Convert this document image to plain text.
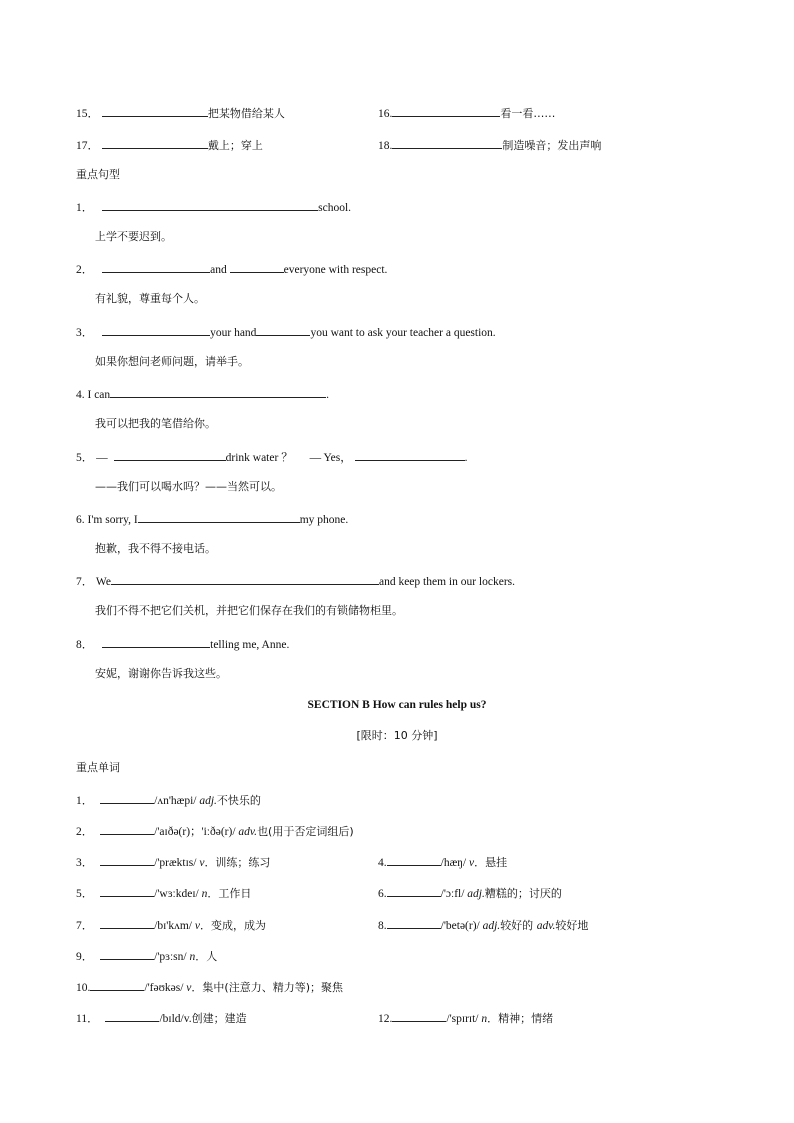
15．	把某物借给某人	16.	看一看……
17．	戴上；穿上	18.	制造噪音；发出声响
重点句型
1．	school.
上学不要迟到。
2．	and	everyone with respect.
有礼貌，尊重每个人。
3．	your hand	you want to ask your teacher a question.
如果你想问老师问题，请举手。
4. I can	.
我可以把我的笔借给你。
5． —	drink water ？ — Yes，	.
——我们可以喝水吗？——当然可以。
6. I'm sorry, I	my phone.
抱歉，我不得不接电话。
7． We	and keep them in our lockers.
我们不得不把它们关机，并把它们保存在我们的有锁储物柜里。
8．	telling me, Anne.
安妮，谢谢你告诉我这些。
SECTION B How can rules help us?
[限时：10 分钟]
重点单词
1．	/ʌn'hæpi/ adj.不快乐的
2．	/'aɪðə(r)；'iːðə(r)/ adv.也(用于否定词组后)
3．	/'præktɪs/ v．训练；练习	4.	/hæŋ/ v．悬挂
5．	/'wɜːkdeɪ/ n．工作日	6.	/'ɔːfl/ adj.糟糕的；讨厌的
7．	/bɪ'kʌm/ v．变成，成为	8.	/'betə(r)/ adj.较好的 adv.较好地
9．	/'pɜːsn/ n．人
10.	/'fəʊkəs/ v．集中(注意力、精力等)；聚焦
11．	/bɪld/v.创建；建造	12.	/'spɪrɪt/ n．精神；情绪
